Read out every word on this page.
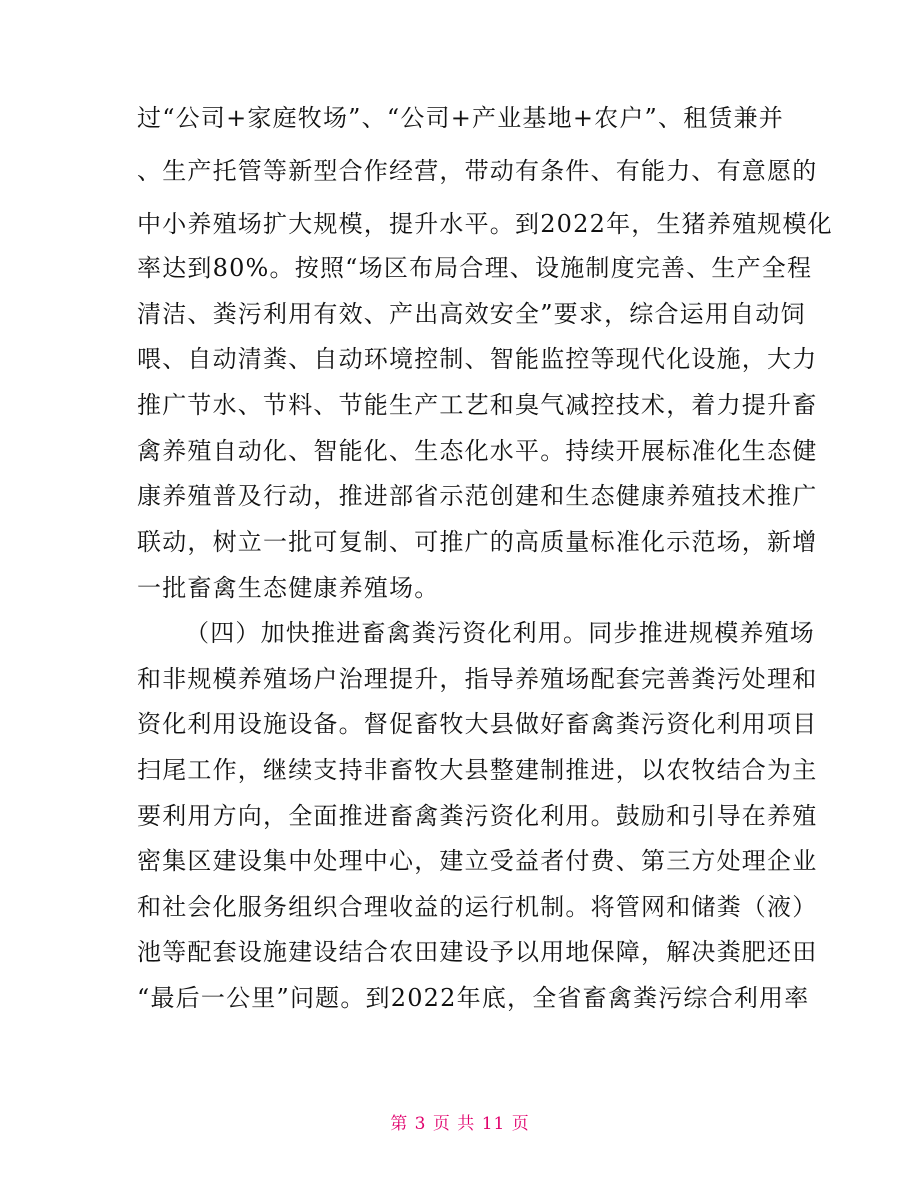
过“公司+家庭牧场”、“公司+产业基地+农户”、租赁兼并
、生产托管等新型合作经营，带动有条件、有能力、有意愿的
中小养殖场扩大规模，提升水平。到2022年，生猪养殖规模化
率达到80%。按照“场区布局合理、设施制度完善、生产全程
清洁、粪污利用有效、产出高效安全”要求，综合运用自动饲
喂、自动清粪、自动环境控制、智能监控等现代化设施，大力
推广节水、节料、节能生产工艺和臭气减控技术，着力提升畜
禽养殖自动化、智能化、生态化水平。持续开展标准化生态健
康养殖普及行动，推进部省示范创建和生态健康养殖技术推广
联动，树立一批可复制、可推广的高质量标准化示范场，新增
一批畜禽生态健康养殖场。
（四）加快推进畜禽粪污资化利用。同步推进规模养殖场
和非规模养殖场户治理提升，指导养殖场配套完善粪污处理和
资化利用设施设备。督促畜牧大县做好畜禽粪污资化利用项目
扫尾工作，继续支持非畜牧大县整建制推进，以农牧结合为主
要利用方向，全面推进畜禽粪污资化利用。鼓励和引导在养殖
密集区建设集中处理中心，建立受益者付费、第三方处理企业
和社会化服务组织合理收益的运行机制。将管网和储粪（液）
池等配套设施建设结合农田建设予以用地保障，解决粪肥还田
“最后一公里”问题。到2022年底，全省畜禽粪污综合利用率
第 3 页 共 11 页
